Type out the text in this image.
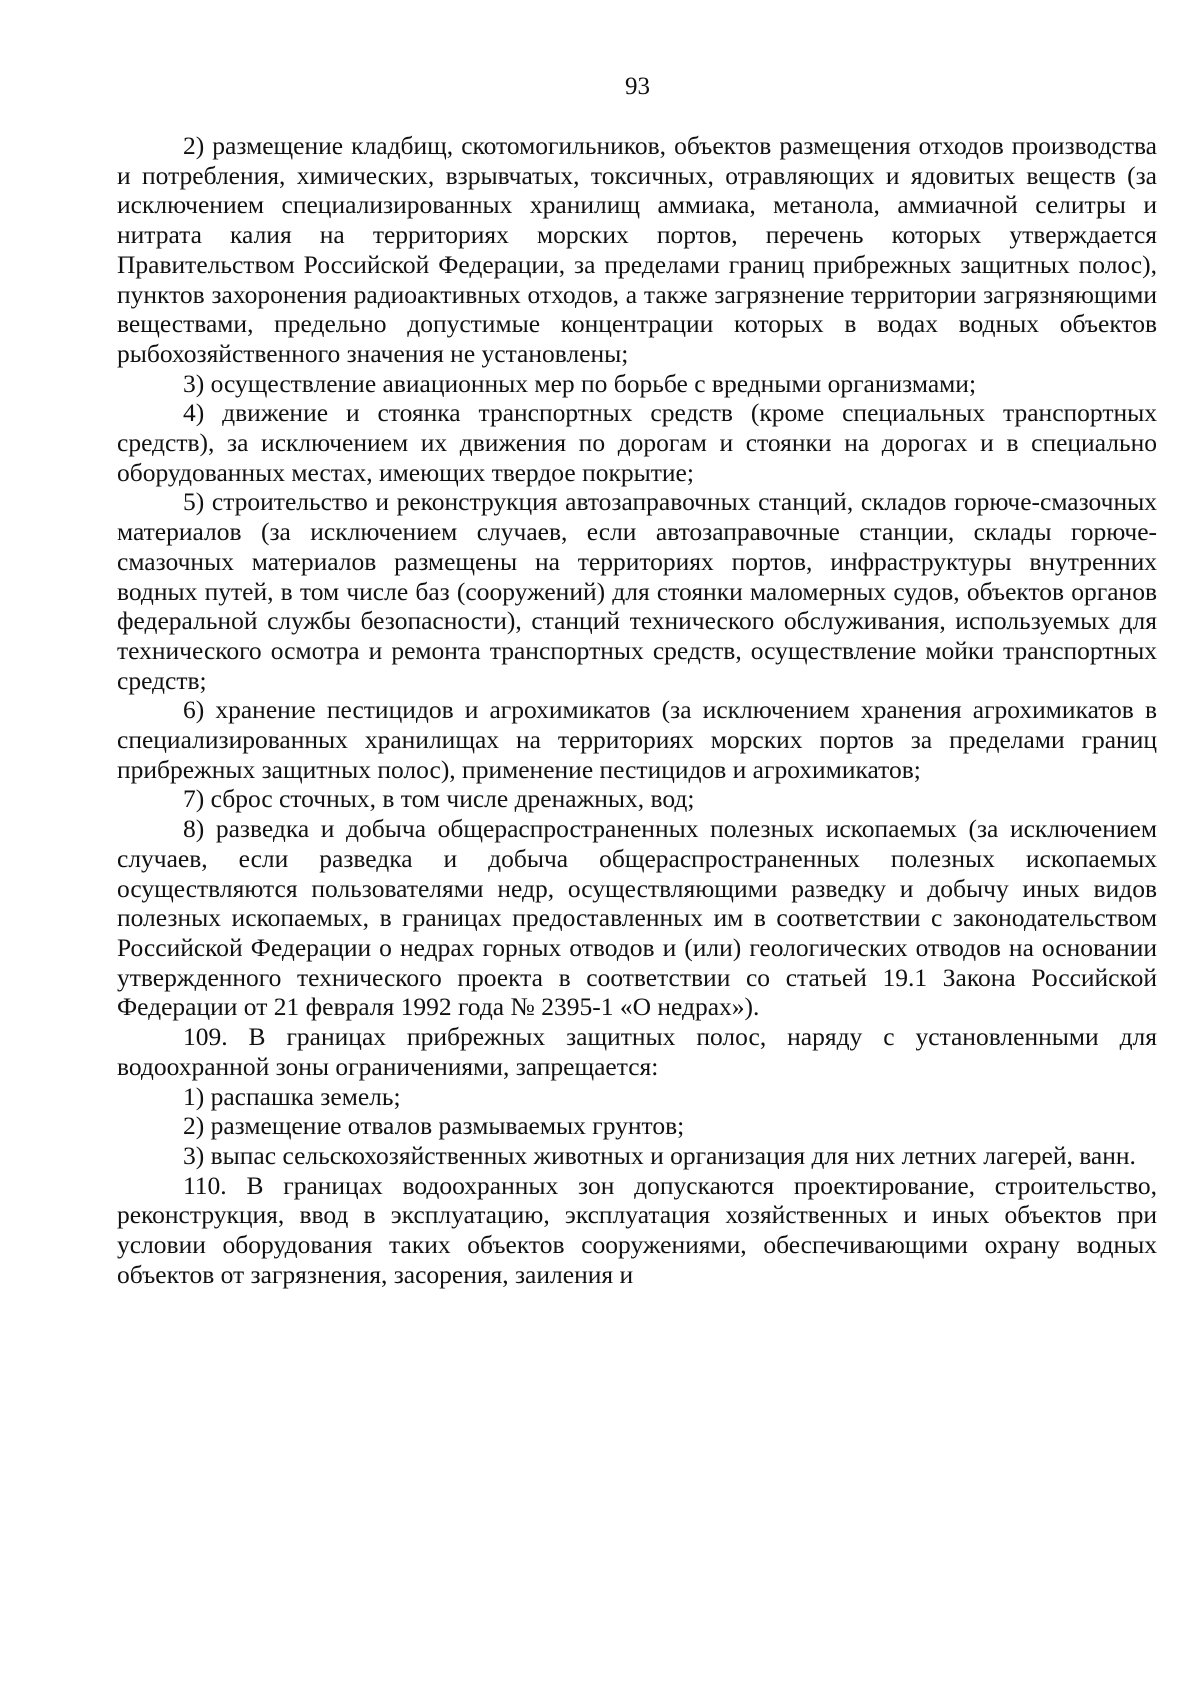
93

2) размещение кладбищ, скотомогильников, объектов размещения отходов производства и потребления, химических, взрывчатых, токсичных, отравляющих и ядовитых веществ (за исключением специализированных хранилищ аммиака, метанола, аммиачной селитры и нитрата калия на территориях морских портов, перечень которых утверждается Правительством Российской Федерации, за пределами границ прибрежных защитных полос), пунктов захоронения радиоактивных отходов, а также загрязнение территории загрязняющими веществами, предельно допустимые концентрации которых в водах водных объектов рыбохозяйственного значения не установлены;

3) осуществление авиационных мер по борьбе с вредными организмами;

4) движение и стоянка транспортных средств (кроме специальных транспортных средств), за исключением их движения по дорогам и стоянки на дорогах и в специально оборудованных местах, имеющих твердое покрытие;

5) строительство и реконструкция автозаправочных станций, складов горюче-смазочных материалов (за исключением случаев, если автозаправочные станции, склады горюче-смазочных материалов размещены на территориях портов, инфраструктуры внутренних водных путей, в том числе баз (сооружений) для стоянки маломерных судов, объектов органов федеральной службы безопасности), станций технического обслуживания, используемых для технического осмотра и ремонта транспортных средств, осуществление мойки транспортных средств;

6) хранение пестицидов и агрохимикатов (за исключением хранения агрохимикатов в специализированных хранилищах на территориях морских портов за пределами границ прибрежных защитных полос), применение пестицидов и агрохимикатов;

7) сброс сточных, в том числе дренажных, вод;

8) разведка и добыча общераспространенных полезных ископаемых (за исключением случаев, если разведка и добыча общераспространенных полезных ископаемых осуществляются пользователями недр, осуществляющими разведку и добычу иных видов полезных ископаемых, в границах предоставленных им в соответствии с законодательством Российской Федерации о недрах горных отводов и (или) геологических отводов на основании утвержденного технического проекта в соответствии со статьей 19.1 Закона Российской Федерации от 21 февраля 1992 года № 2395-1 «О недрах»).

109. В границах прибрежных защитных полос, наряду с установленными для водоохранной зоны ограничениями, запрещается:

1) распашка земель;

2) размещение отвалов размываемых грунтов;

3) выпас сельскохозяйственных животных и организация для них летних лагерей, ванн.

110. В границах водоохранных зон допускаются проектирование, строительство, реконструкция, ввод в эксплуатацию, эксплуатация хозяйственных и иных объектов при условии оборудования таких объектов сооружениями, обеспечивающими охрану водных объектов от загрязнения, засорения, заиления и
